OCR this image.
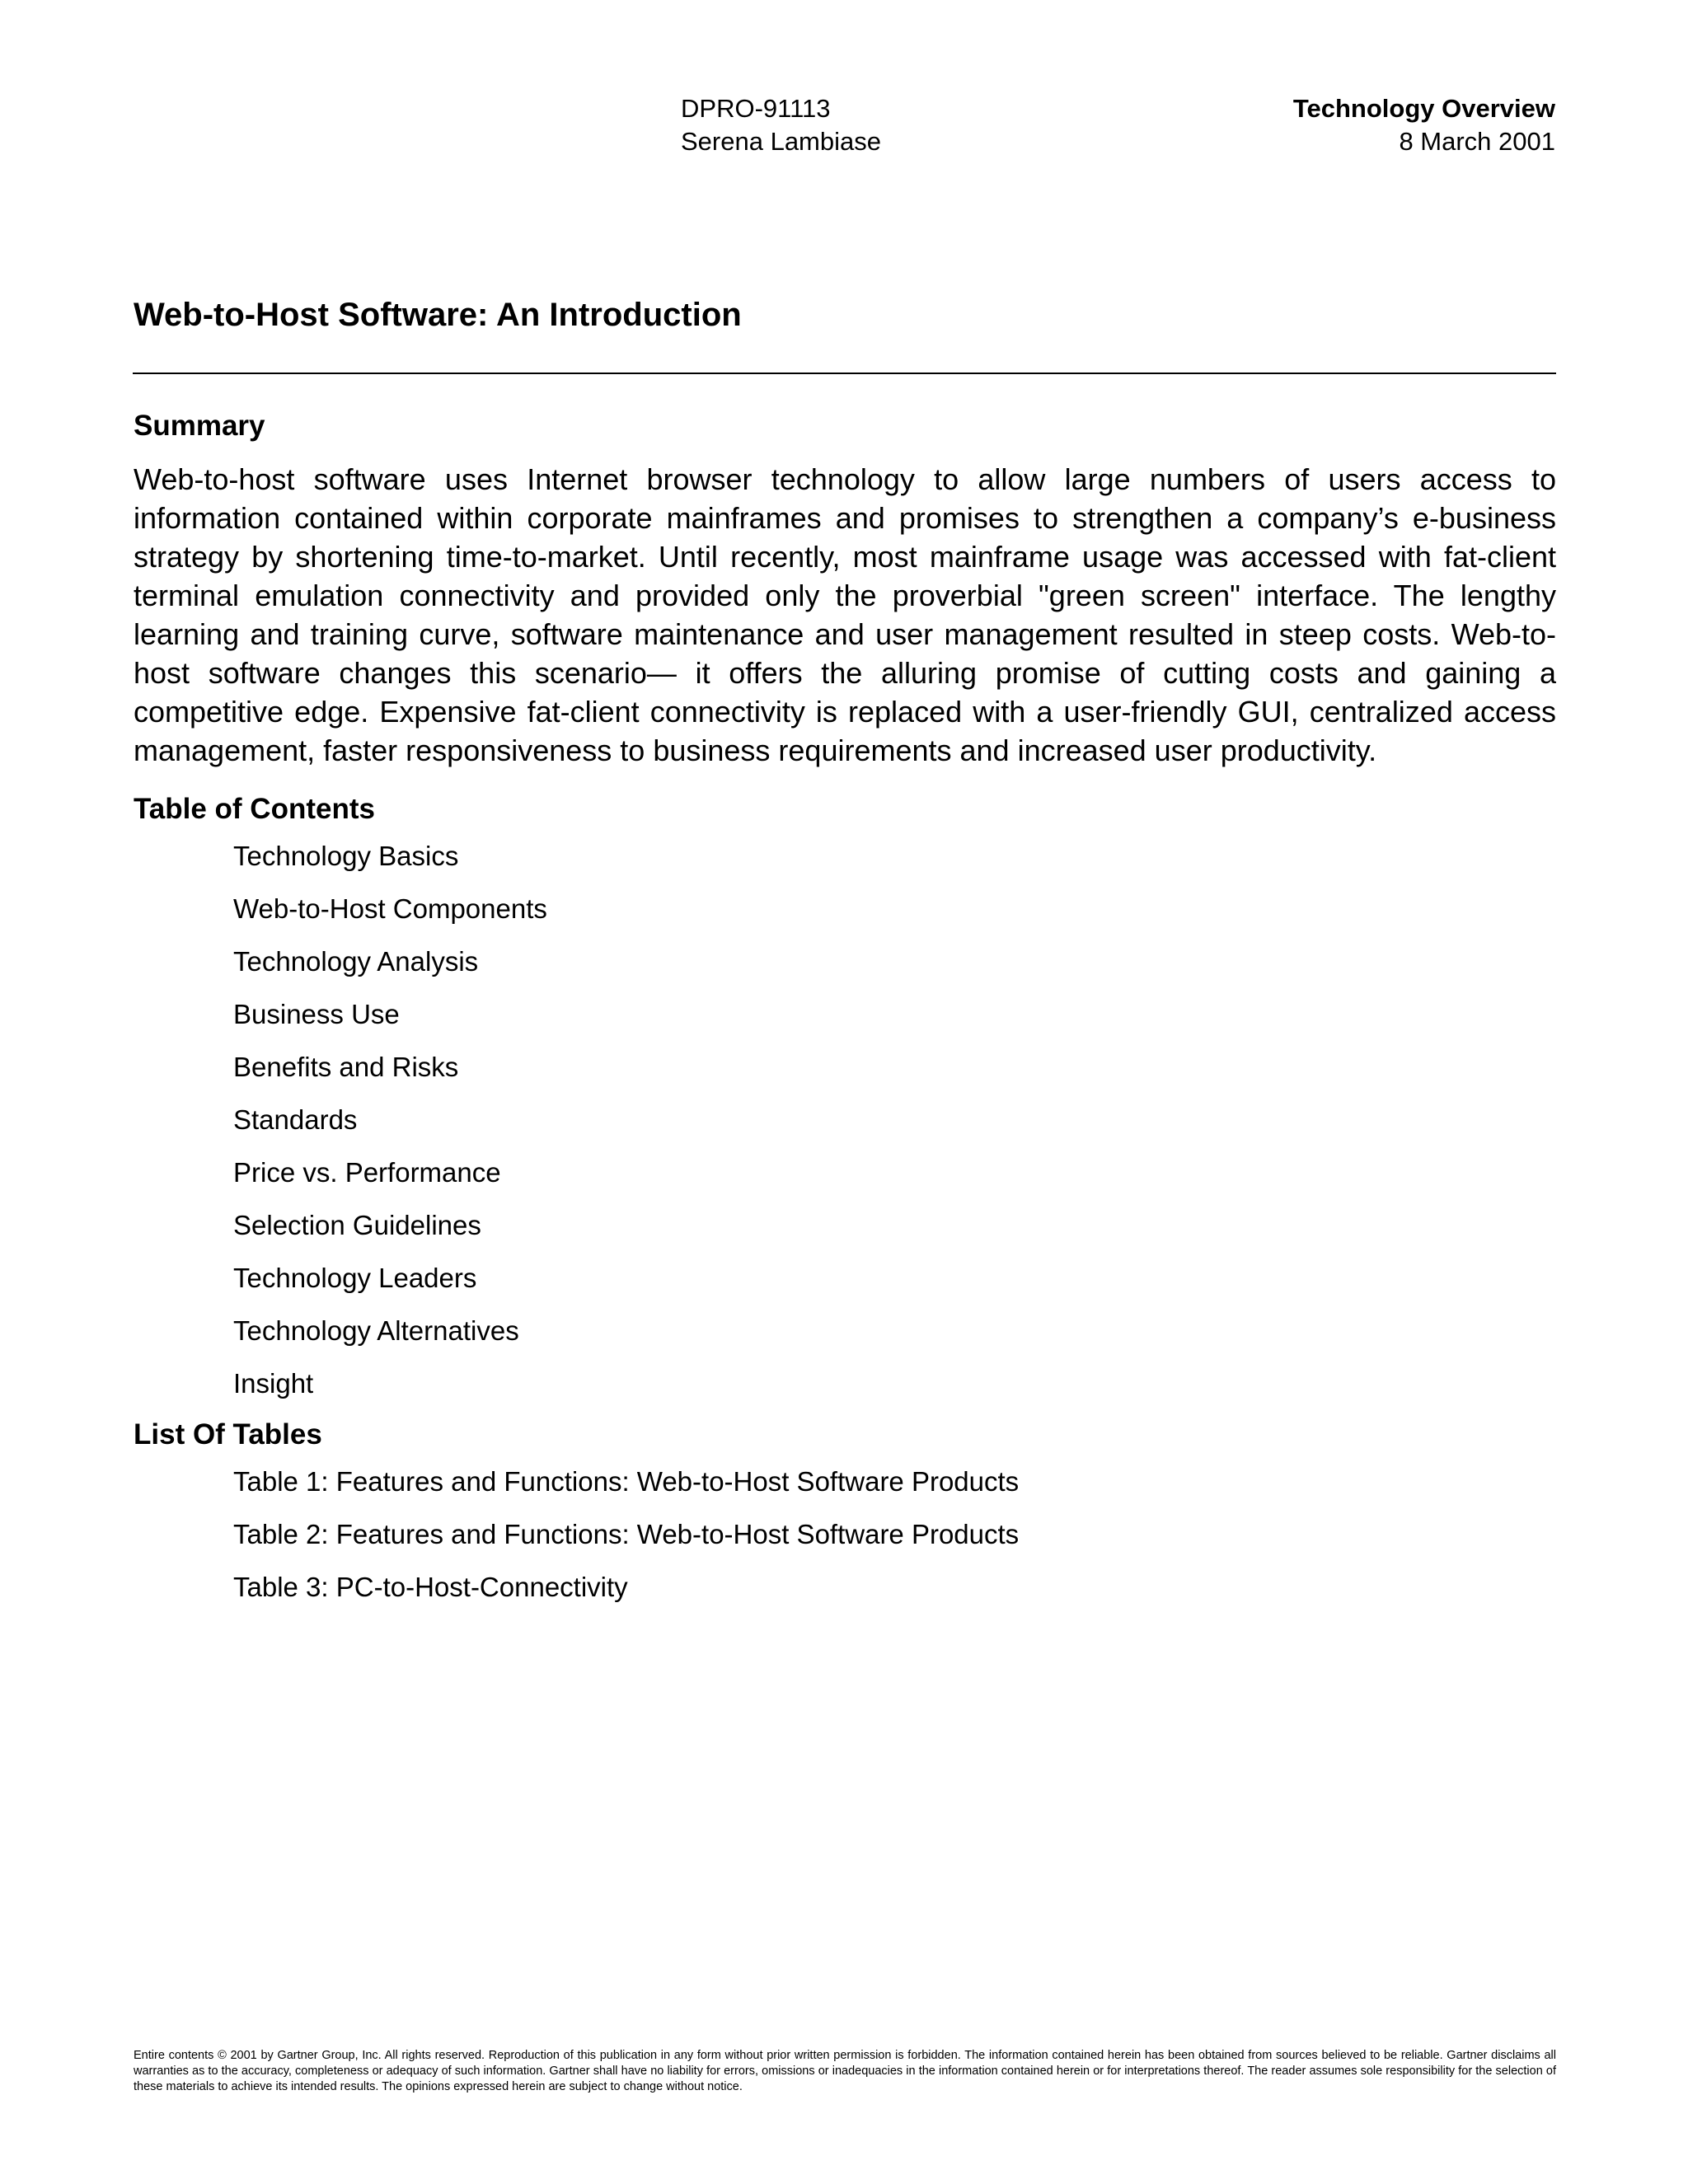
DPRO-91113
Serena Lambiase
Technology Overview
8 March 2001
Web-to-Host Software: An Introduction
Summary

Web-to-host software uses Internet browser technology to allow large numbers of users access to information contained within corporate mainframes and promises to strengthen a company’s e-business strategy by shortening time-to-market. Until recently, most mainframe usage was accessed with fat-client terminal emulation connectivity and provided only the proverbial "green screen" interface. The lengthy learning and training curve, software maintenance and user management resulted in steep costs. Web-to-host software changes this scenario— it offers the alluring promise of cutting costs and gaining a competitive edge. Expensive fat-client connectivity is replaced with a user-friendly GUI, centralized access management, faster responsiveness to business requirements and increased user productivity.

Table of Contents
Technology Basics
Web-to-Host Components
Technology Analysis
Business Use
Benefits and Risks
Standards
Price vs. Performance
Selection Guidelines
Technology Leaders
Technology Alternatives
Insight
List Of Tables
Table 1: Features and Functions: Web-to-Host Software Products
Table 2: Features and Functions: Web-to-Host Software Products
Table 3: PC-to-Host-Connectivity

Entire contents © 2001 by Gartner Group, Inc. All rights reserved. Reproduction of this publication in any form without prior written permission is forbidden. The information contained herein has been obtained from sources believed to be reliable. Gartner disclaims all warranties as to the accuracy, completeness or adequacy of such information. Gartner shall have no liability for errors, omissions or inadequacies in the information contained herein or for interpretations thereof. The reader assumes sole responsibility for the selection of these materials to achieve its intended results. The opinions expressed herein are subject to change without notice.
